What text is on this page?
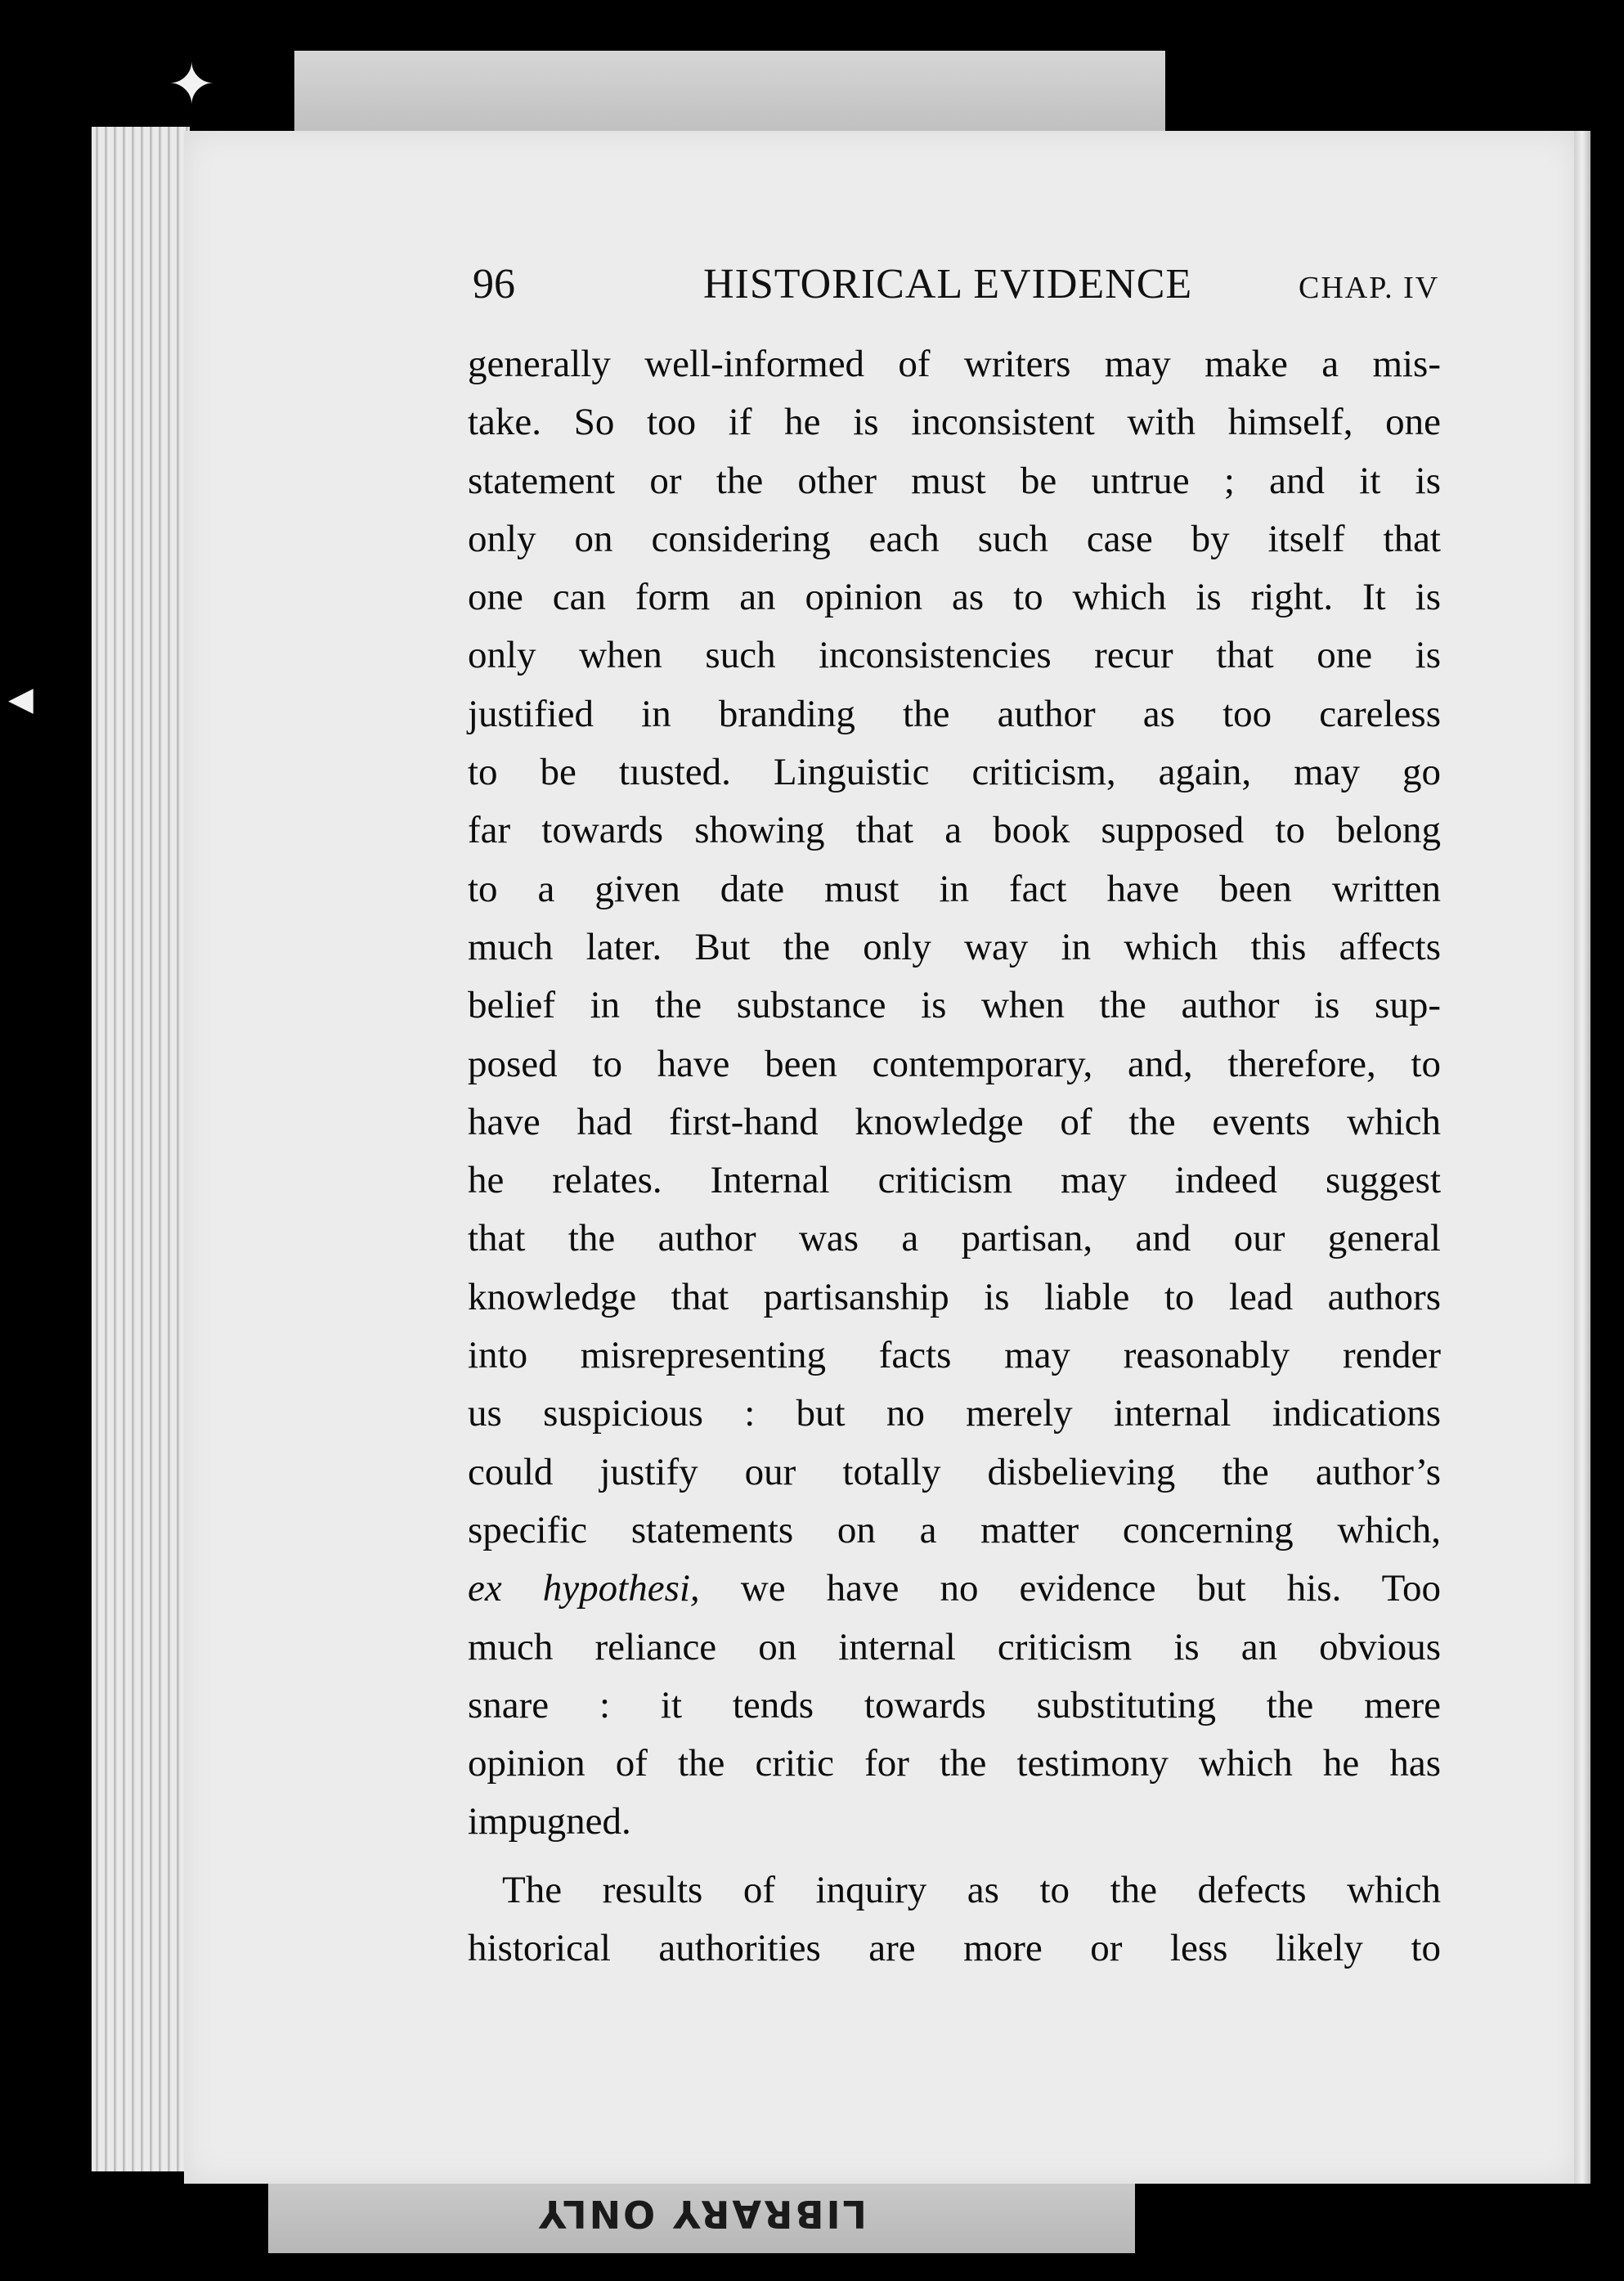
LIBRARY ONLY
✦
◀
96	HISTORICAL EVIDENCE	CHAP. IV
generally well-informed of writers may make a mis-
take. So too if he is inconsistent with himself, one
statement or the other must be untrue ; and it is
only on considering each such case by itself that
one can form an opinion as to which is right. It is
only when such inconsistencies recur that one is
justified in branding the author as too careless
to be tıusted. Linguistic criticism, again, may go
far towards showing that a book supposed to belong
to a given date must in fact have been written
much later. But the only way in which this affects
belief in the substance is when the author is sup-
posed to have been contemporary, and, therefore, to
have had first-hand knowledge of the events which
he relates. Internal criticism may indeed suggest
that the author was a partisan, and our general
knowledge that partisanship is liable to lead authors
into misrepresenting facts may reasonably render
us suspicious : but no merely internal indications
could justify our totally disbelieving the author’s
specific statements on a matter concerning which,
ex hypothesi, we have no evidence but his. Too
much reliance on internal criticism is an obvious
snare : it tends towards substituting the mere
opinion of the critic for the testimony which he has
impugned.
The results of inquiry as to the defects which
historical authorities are more or less likely to
